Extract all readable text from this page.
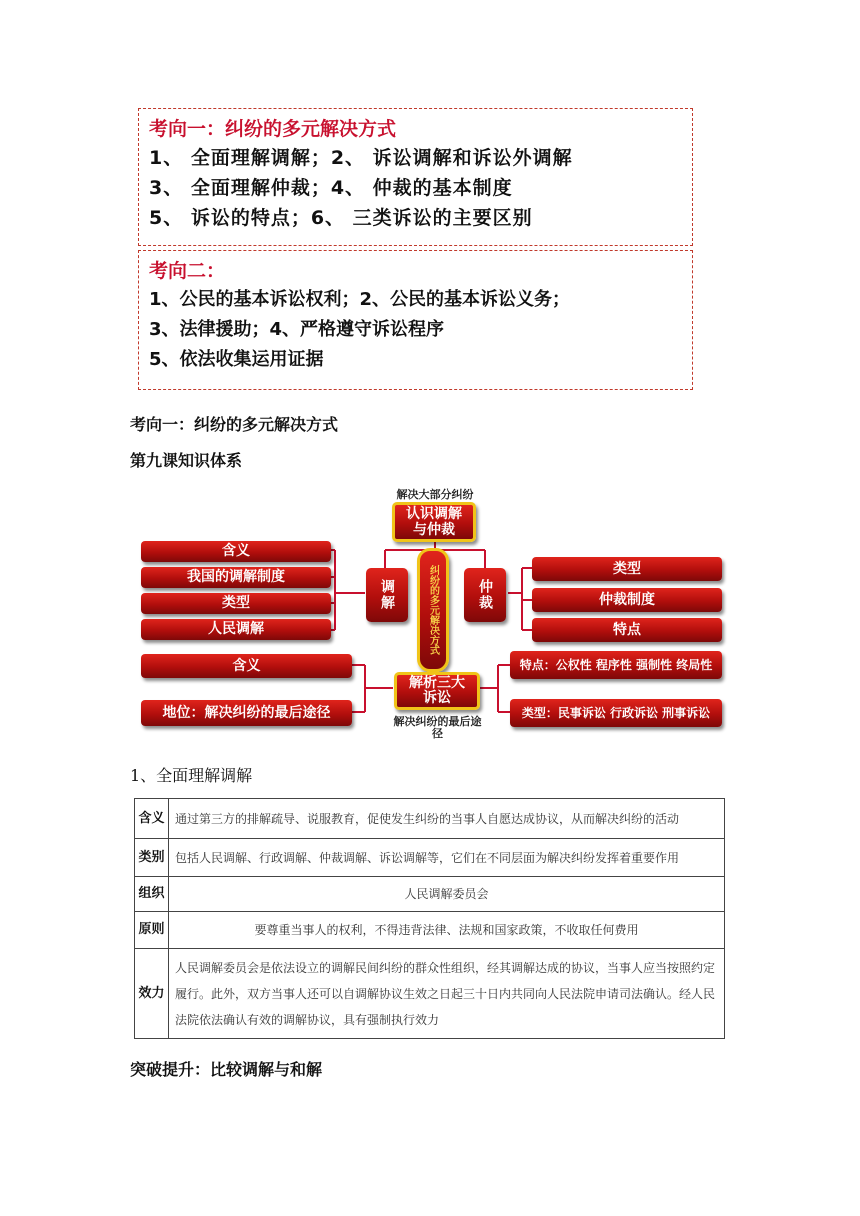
考向一：纠纷的多元解决方式
1、 全面理解调解；2、 诉讼调解和诉讼外调解
3、 全面理解仲裁；4、 仲裁的基本制度
5、 诉讼的特点；6、 三类诉讼的主要区别
考向二：
1、公民的基本诉讼权利；2、公民的基本诉讼义务；
3、法律援助；4、严格遵守诉讼程序
5、依法收集运用证据
考向一：纠纷的多元解决方式
第九课知识体系
解决大部分纠纷
认识调解与仲裁
纠纷的多元解决方式
调解	仲裁
含义
我国的调解制度
类型
人民调解
类型
仲裁制度
特点
解析三大诉讼
解决纠纷的最后途径
含义
地位：解决纠纷的最后途径
特点：公权性 程序性 强制性 终局性
类型：民事诉讼 行政诉讼 刑事诉讼
1、全面理解调解
含义	通过第三方的排解疏导、说服教育，促使发生纠纷的当事人自愿达成协议，从而解决纠纷的活动
类别	包括人民调解、行政调解、仲裁调解、诉讼调解等，它们在不同层面为解决纠纷发挥着重要作用
组织	人民调解委员会
原则	要尊重当事人的权利，不得违背法律、法规和国家政策，不收取任何费用
效力	人民调解委员会是依法设立的调解民间纠纷的群众性组织，经其调解达成的协议，当事人应当按照约定履行。此外，双方当事人还可以自调解协议生效之日起三十日内共同向人民法院申请司法确认。经人民法院依法确认有效的调解协议，具有强制执行效力
突破提升：比较调解与和解
